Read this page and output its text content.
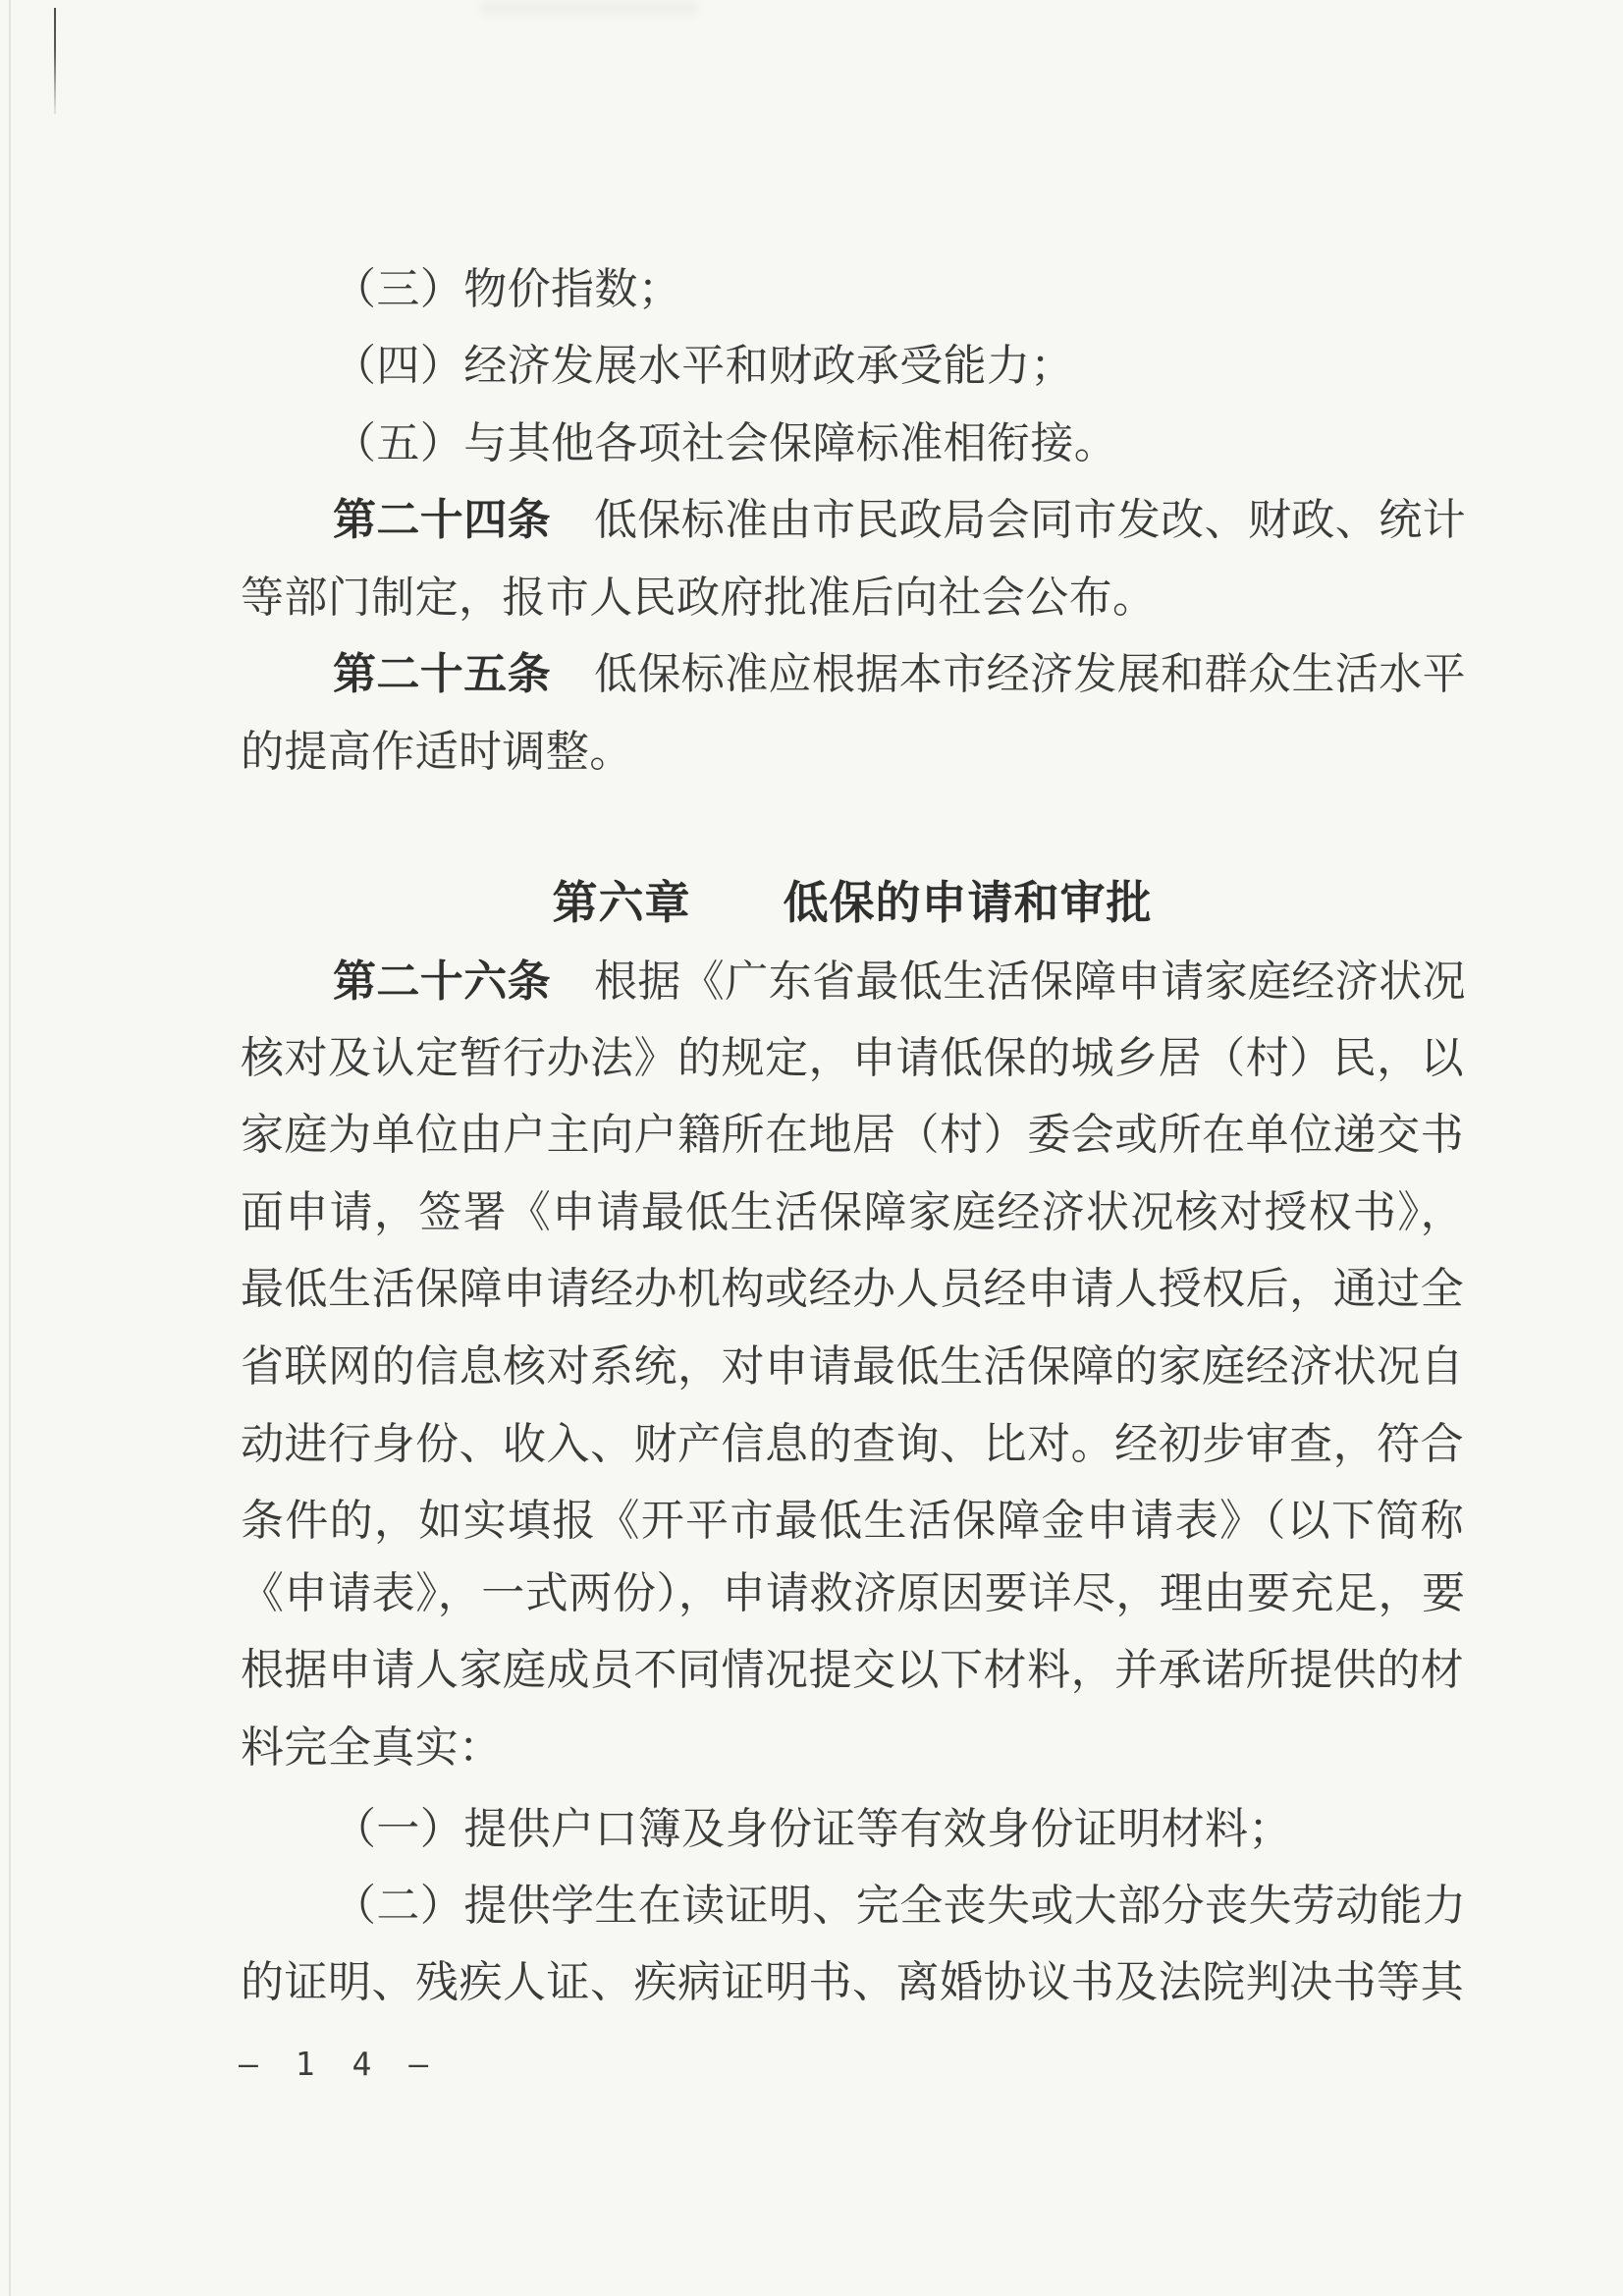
（三）物价指数；
（四）经济发展水平和财政承受能力；
（五）与其他各项社会保障标准相衔接。
第二十四条 低保标准由市民政局会同市发改、财政、统计
等部门制定，报市人民政府批准后向社会公布。
第二十五条 低保标准应根据本市经济发展和群众生活水平
的提高作适时调整。
第六章　　低保的申请和审批
第二十六条 根据《广东省最低生活保障申请家庭经济状况
核对及认定暂行办法》的规定，申请低保的城乡居（村）民，以
家庭为单位由户主向户籍所在地居（村）委会或所在单位递交书
面申请，签署《申请最低生活保障家庭经济状况核对授权书》，
最低生活保障申请经办机构或经办人员经申请人授权后，通过全
省联网的信息核对系统，对申请最低生活保障的家庭经济状况自
动进行身份、收入、财产信息的查询、比对。经初步审查，符合
条件的，如实填报《开平市最低生活保障金申请表》（以下简称
《申请表》，一式两份），申请救济原因要详尽，理由要充足，要
根据申请人家庭成员不同情况提交以下材料，并承诺所提供的材
料完全真实：
（一）提供户口簿及身份证等有效身份证明材料；
（二）提供学生在读证明、完全丧失或大部分丧失劳动能力
的证明、残疾人证、疾病证明书、离婚协议书及法院判决书等其
— 1 4 —
